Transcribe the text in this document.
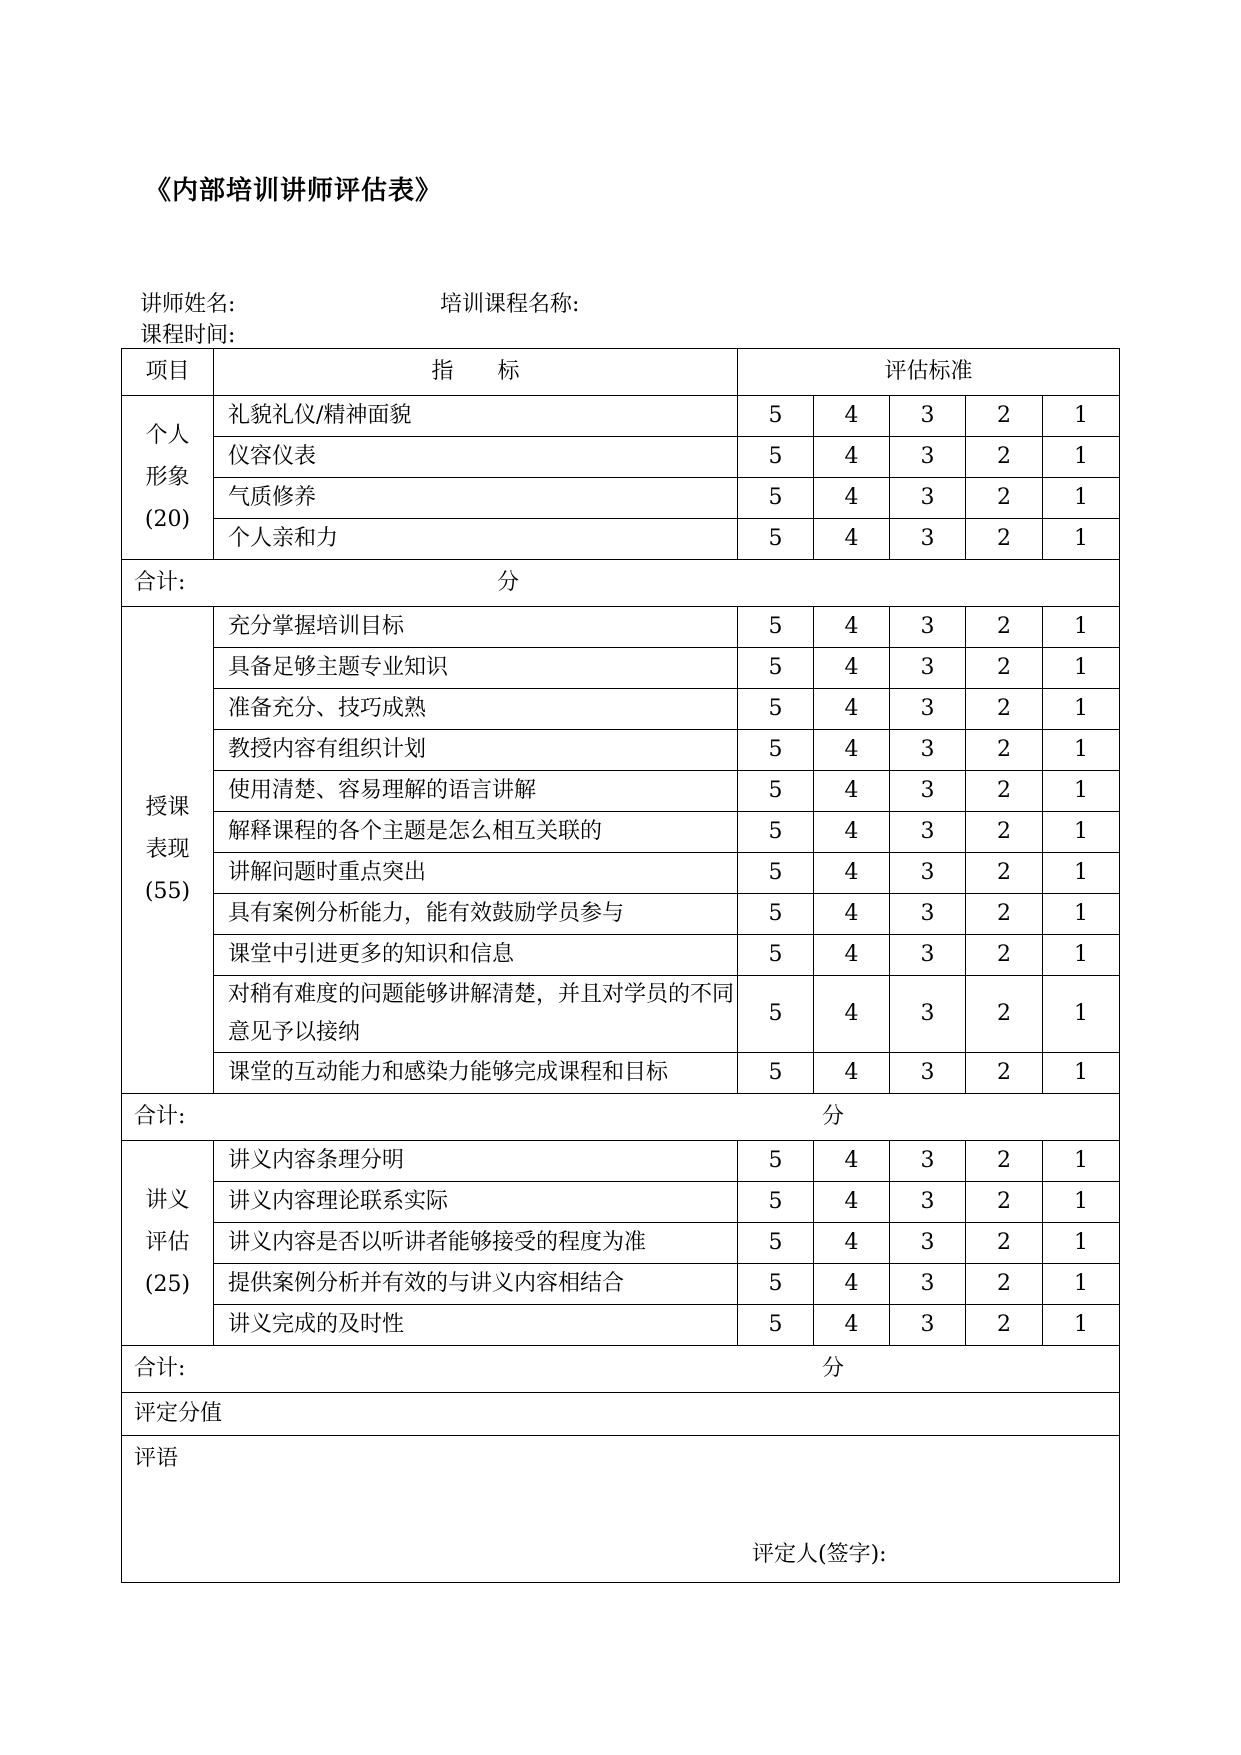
《内部培训讲师评估表》
讲师姓名:	培训课程名称:
课程时间:
项目	指　　标	评估标准				

个人
形象
(20)	礼貌礼仪/精神面貌	5	4	3	2	1
	仪容仪表	5	4	3	2	1
	气质修养	5	4	3	2	1
	个人亲和力	5	4	3	2	1
合计: 分						

授课
表现
(55)	充分掌握培训目标	5	4	3	2	1
	具备足够主题专业知识	5	4	3	2	1
	准备充分、技巧成熟	5	4	3	2	1
	教授内容有组织计划	5	4	3	2	1
	使用清楚、容易理解的语言讲解	5	4	3	2	1
	解释课程的各个主题是怎么相互关联的	5	4	3	2	1
	讲解问题时重点突出	5	4	3	2	1
	具有案例分析能力，能有效鼓励学员参与	5	4	3	2	1
	课堂中引进更多的知识和信息	5	4	3	2	1
	对稍有难度的问题能够讲解清楚，并且对学员的不同意见予以接纳	5	4	3	2	1
	课堂的互动能力和感染力能够完成课程和目标	5	4	3	2	1
合计: 分						

讲义
评估
(25)	讲义内容条理分明	5	4	3	2	1
	讲义内容理论联系实际	5	4	3	2	1
	讲义内容是否以听讲者能够接受的程度为准	5	4	3	2	1
	提供案例分析并有效的与讲义内容相结合	5	4	3	2	1
	讲义完成的及时性	5	4	3	2	1
合计: 分						

评定分值						

评语
评定人(签字):						
